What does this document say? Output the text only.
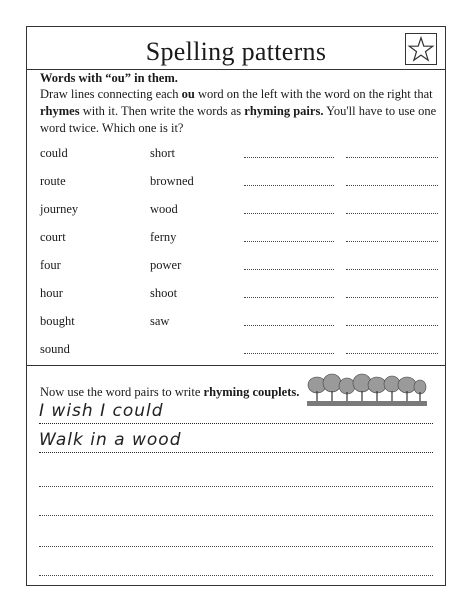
Spelling patterns
Words with “ou” in them.
Draw lines connecting each ou word on the left with the word on the right that rhymes with it. Then write the words as rhyming pairs. You'll have to use one word twice. Which one is it?
could	short
route	browned
journey	wood
court	ferny
four	power
hour	shoot
bought	saw
sound
Now use the word pairs to write rhyming couplets.
I wish I could
Walk in a wood
